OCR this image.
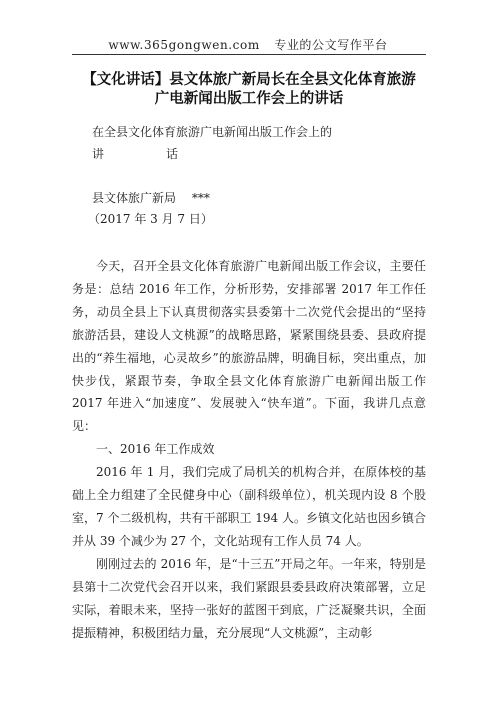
www.365gongwen.com 专业的公文写作平台
【文化讲话】县文体旅广新局长在全县文化体育旅游
广电新闻出版工作会上的讲话
在全县文化体育旅游广电新闻出版工作会上的
讲	话
县文体旅广新局　 ***
（2017 年 3 月 7 日）

今天，召开全县文化体育旅游广电新闻出版工作会议，主要任务是：总结 2016 年工作，分析形势，安排部署 2017 年工作任务，动员全县上下认真贯彻落实县委第十二次党代会提出的“坚持旅游活县，建设人文桃源”的战略思路，紧紧围绕县委、县政府提出的“养生福地，心灵故乡”的旅游品牌，明确目标，突出重点，加快步伐，紧跟节奏，争取全县文化体育旅游广电新闻出版工作 2017 年进入“加速度”、发展驶入“快车道”。下面，我讲几点意见：

一、2016 年工作成效

2016 年 1 月，我们完成了局机关的机构合并，在原体校的基础上全力组建了全民健身中心（副科级单位），机关现内设 8 个股室，7 个二级机构，共有干部职工 194 人。乡镇文化站也因乡镇合并从 39 个减少为 27 个，文化站现有工作人员 74 人。

刚刚过去的 2016 年，是“十三五”开局之年。一年来，特别是县第十二次党代会召开以来，我们紧跟县委县政府决策部署，立足实际，着眼未来，坚持一张好的蓝图干到底，广泛凝聚共识，全面提振精神，积极团结力量，充分展现“人文桃源”，主动彰
